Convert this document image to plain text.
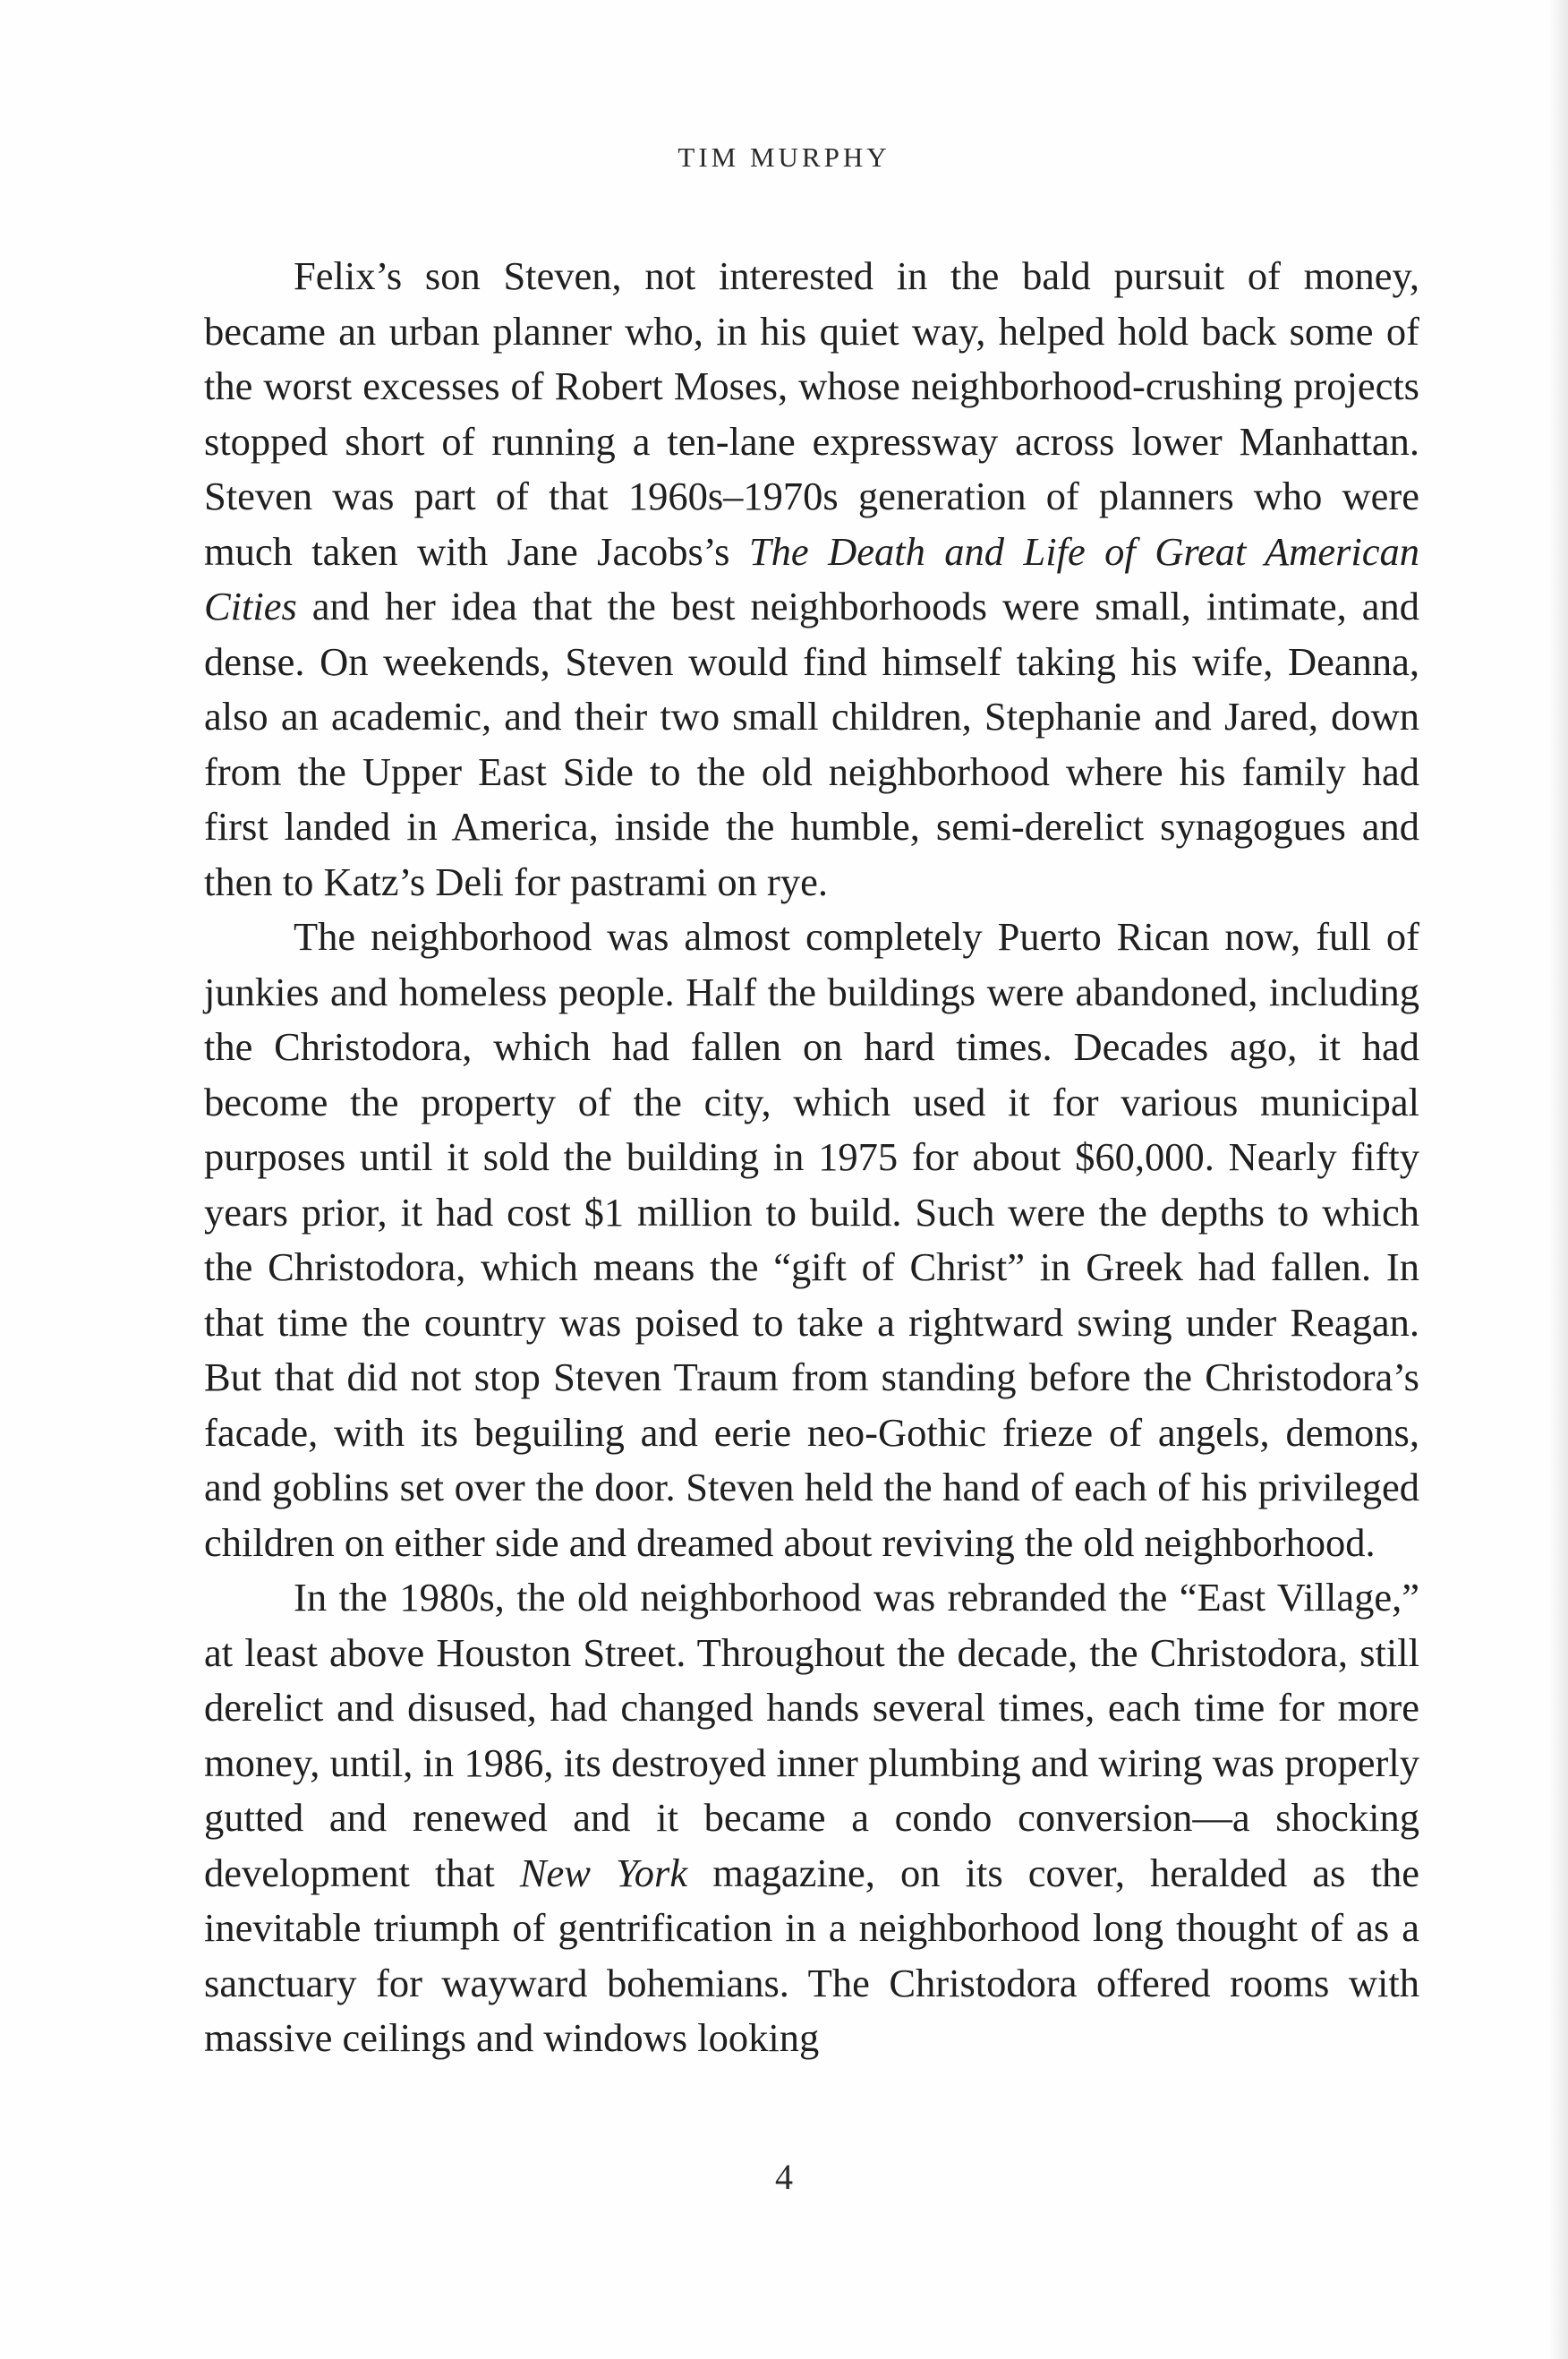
TIM MURPHY

Felix’s son Steven, not interested in the bald pursuit of money, became an urban planner who, in his quiet way, helped hold back some of the worst excesses of Robert Moses, whose neighborhood-crushing projects stopped short of running a ten-lane expressway across lower Manhattan. Steven was part of that 1960s–1970s generation of planners who were much taken with Jane Jacobs’s The Death and Life of Great American Cities and her idea that the best neighborhoods were small, intimate, and dense. On weekends, Steven would find himself taking his wife, Deanna, also an academic, and their two small children, Stephanie and Jared, down from the Upper East Side to the old neighborhood where his family had first landed in America, inside the humble, semi-derelict synagogues and then to Katz’s Deli for pastrami on rye.

The neighborhood was almost completely Puerto Rican now, full of junkies and homeless people. Half the buildings were abandoned, including the Christodora, which had fallen on hard times. Decades ago, it had become the property of the city, which used it for various municipal purposes until it sold the building in 1975 for about $60,000. Nearly fifty years prior, it had cost $1 million to build. Such were the depths to which the Christodora, which means the “gift of Christ” in Greek had fallen. In that time the country was poised to take a rightward swing under Reagan. But that did not stop Steven Traum from standing before the Christodora’s facade, with its beguiling and eerie neo-Gothic frieze of angels, demons, and goblins set over the door. Steven held the hand of each of his privileged children on either side and dreamed about reviving the old neighborhood.

In the 1980s, the old neighborhood was rebranded the “East Village,” at least above Houston Street. Throughout the decade, the Christodora, still derelict and disused, had changed hands several times, each time for more money, until, in 1986, its destroyed inner plumbing and wiring was properly gutted and renewed and it became a condo conversion—a shocking development that New York magazine, on its cover, heralded as the inevitable triumph of gentrification in a neighborhood long thought of as a sanctuary for wayward bohemians. The Christodora offered rooms with massive ceilings and windows looking

4
